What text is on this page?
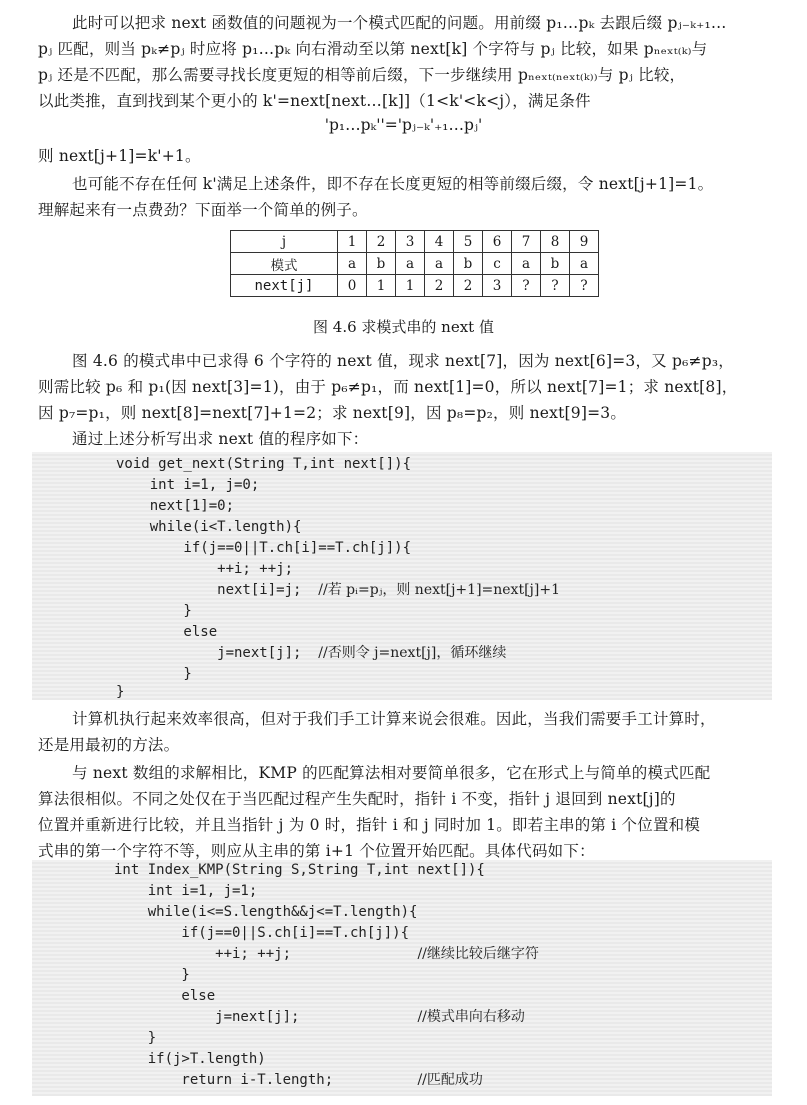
此时可以把求 next 函数值的问题视为一个模式匹配的问题。用前缀 p₁…pₖ 去跟后缀 pⱼ₋ₖ₊₁…
pⱼ 匹配，则当 pₖ≠pⱼ 时应将 p₁…pₖ 向右滑动至以第 next[k] 个字符与 pⱼ 比较，如果 pₙₑₓₜ₍ₖ₎与
pⱼ 还是不匹配，那么需要寻找长度更短的相等前后缀，下一步继续用 pₙₑₓₜ₍ₙₑₓₜ₍ₖ₎₎与 pⱼ 比较，
以此类推，直到找到某个更小的 k'=next[next…[k]]（1<k'<k<j），满足条件
'p₁…pₖ''='pⱼ₋ₖ'₊₁…pⱼ'
则 next[j+1]=k'+1。
也可能不存在任何 k'满足上述条件，即不存在长度更短的相等前缀后缀，令 next[j+1]=1。
理解起来有一点费劲？下面举一个简单的例子。
j	1	2	3	4	5	6	7	8	9
模式	a	b	a	a	b	c	a	b	a
next[j]	0	1	1	2	2	3	?	?	?
图 4.6 求模式串的 next 值
图 4.6 的模式串中已求得 6 个字符的 next 值，现求 next[7]，因为 next[6]=3，又 p₆≠p₃，
则需比较 p₆ 和 p₁(因 next[3]=1)，由于 p₆≠p₁，而 next[1]=0，所以 next[7]=1；求 next[8]，
因 p₇=p₁，则 next[8]=next[7]+1=2；求 next[9]，因 p₈=p₂，则 next[9]=3。
通过上述分析写出求 next 值的程序如下：
void get_next(String T,int next[]){
int i=1, j=0;
next[1]=0;
while(i<T.length){
if(j==0||T.ch[i]==T.ch[j]){
++i; ++j;
next[i]=j;  //若 pᵢ=pⱼ，则 next[j+1]=next[j]+1
}
else
j=next[j];  //否则令 j=next[j]，循环继续
}
}
计算机执行起来效率很高，但对于我们手工计算来说会很难。因此，当我们需要手工计算时，
还是用最初的方法。
与 next 数组的求解相比，KMP 的匹配算法相对要简单很多，它在形式上与简单的模式匹配
算法很相似。不同之处仅在于当匹配过程产生失配时，指针 i 不变，指针 j 退回到 next[j]的
位置并重新进行比较，并且当指针 j 为 0 时，指针 i 和 j 同时加 1。即若主串的第 i 个位置和模
式串的第一个字符不等，则应从主串的第 i+1 个位置开始匹配。具体代码如下：
int Index_KMP(String S,String T,int next[]){
int i=1, j=1;
while(i<=S.length&&j<=T.length){
if(j==0||S.ch[i]==T.ch[j]){
++i; ++j;               //继续比较后继字符
}
else
j=next[j];              //模式串向右移动
}
if(j>T.length)
return i-T.length;          //匹配成功
